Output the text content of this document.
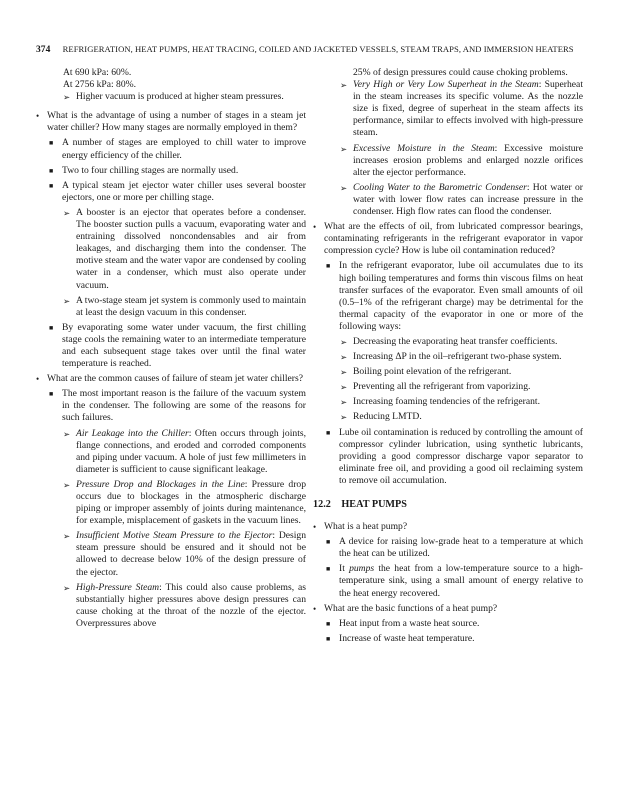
374 REFRIGERATION, HEAT PUMPS, HEAT TRACING, COILED AND JACKETED VESSELS, STEAM TRAPS, AND IMMERSION HEATERS

At 690 kPa: 60%.

At 2756 kPa: 80%.

➢ Higher vacuum is produced at higher steam pressures.
• What is the advantage of using a number of stages in a steam jet water chiller? How many stages are normally employed in them?
■ A number of stages are employed to chill water to improve energy efficiency of the chiller.
■ Two to four chilling stages are normally used.
■ A typical steam jet ejector water chiller uses several booster ejectors, one or more per chilling stage.
➢ A booster is an ejector that operates before a condenser. The booster suction pulls a vacuum, evaporating water and entraining dissolved noncondensables and air from leakages, and discharging them into the condenser. The motive steam and the water vapor are condensed by cooling water in a condenser, which must also operate under vacuum.
➢ A two-stage steam jet system is commonly used to maintain at least the design vacuum in this condenser.
■ By evaporating some water under vacuum, the first chilling stage cools the remaining water to an intermediate temperature and each subsequent stage takes over until the final water temperature is reached.
• What are the common causes of failure of steam jet water chillers?
■ The most important reason is the failure of the vacuum system in the condenser. The following are some of the reasons for such failures.
➢ Air Leakage into the Chiller: Often occurs through joints, flange connections, and eroded and corroded components and piping under vacuum. A hole of just few millimeters in diameter is sufficient to cause significant leakage.
➢ Pressure Drop and Blockages in the Line: Pressure drop occurs due to blockages in the atmospheric discharge piping or improper assembly of joints during maintenance, for example, misplacement of gaskets in the vacuum lines.
➢ Insufficient Motive Steam Pressure to the Ejector: Design steam pressure should be ensured and it should not be allowed to decrease below 10% of the design pressure of the ejector.
➢ High-Pressure Steam: This could also cause problems, as substantially higher pressures above design pressures can cause choking at the throat of the nozzle of the ejector. Overpressures above

25% of design pressures could cause choking problems.

➢ Very High or Very Low Superheat in the Steam: Superheat in the steam increases its specific volume. As the nozzle size is fixed, degree of superheat in the steam affects its performance, similar to effects involved with high-pressure steam.
➢ Excessive Moisture in the Steam: Excessive moisture increases erosion problems and enlarged nozzle orifices alter the ejector performance.
➢ Cooling Water to the Barometric Condenser: Hot water or water with lower flow rates can increase pressure in the condenser. High flow rates can flood the condenser.
• What are the effects of oil, from lubricated compressor bearings, contaminating refrigerants in the refrigerant evaporator in vapor compression cycle? How is lube oil contamination reduced?
■ In the refrigerant evaporator, lube oil accumulates due to its high boiling temperatures and forms thin viscous films on heat transfer surfaces of the evaporator. Even small amounts of oil (0.5–1% of the refrigerant charge) may be detrimental for the thermal capacity of the evaporator in one or more of the following ways:
➢ Decreasing the evaporating heat transfer coefficients.
➢ Increasing ΔP in the oil–refrigerant two-phase system.
➢ Boiling point elevation of the refrigerant.
➢ Preventing all the refrigerant from vaporizing.
➢ Increasing foaming tendencies of the refrigerant.
➢ Reducing LMTD.
■ Lube oil contamination is reduced by controlling the amount of compressor cylinder lubrication, using synthetic lubricants, providing a good compressor discharge vapor separator to eliminate free oil, and providing a good oil reclaiming system to remove oil accumulation.
12.2 HEAT PUMPS
• What is a heat pump?
■ A device for raising low-grade heat to a temperature at which the heat can be utilized.
■ It pumps the heat from a low-temperature source to a high-temperature sink, using a small amount of energy relative to the heat energy recovered.
• What are the basic functions of a heat pump?
■ Heat input from a waste heat source.
■ Increase of waste heat temperature.
